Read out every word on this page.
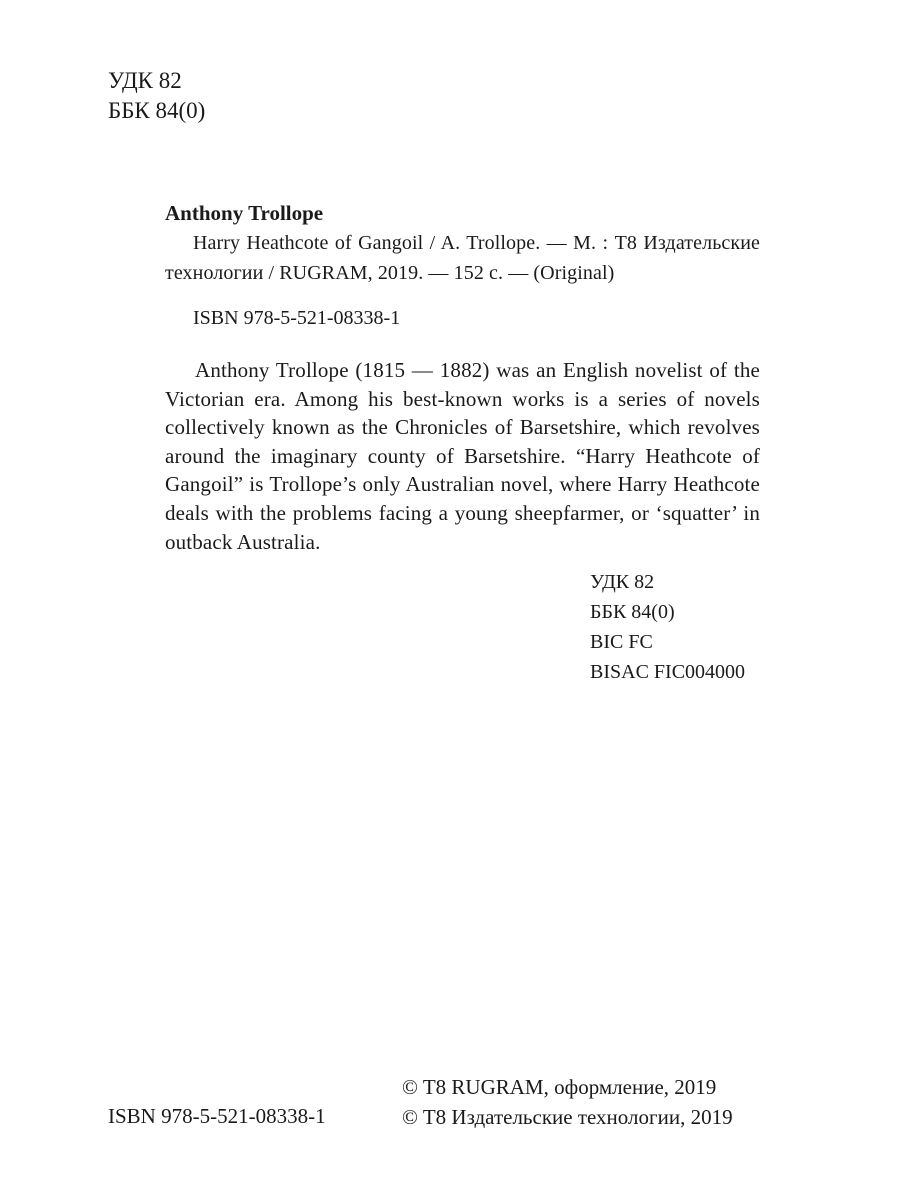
УДК 82
ББК 84(0)
Anthony Trollope
Harry Heathcote of Gangoil / A. Trollope. — М. : T8 Издательские технологии / RUGRAM, 2019. — 152 с. — (Original)
ISBN 978-5-521-08338-1
Anthony Trollope (1815 — 1882) was an English novelist of the Victorian era. Among his best-known works is a series of novels collectively known as the Chronicles of Barsetshire, which revolves around the imaginary county of Barsetshire. “Harry Heathcote of Gangoil” is Trollope’s only Australian novel, where Harry Heathcote deals with the problems facing a young sheepfarmer, or ‘squatter’ in outback Australia.
УДК 82
ББК 84(0)
BIC FC
BISAC FIC004000
ISBN 978-5-521-08338-1
© T8 RUGRAM, оформление, 2019
© T8 Издательские технологии, 2019
